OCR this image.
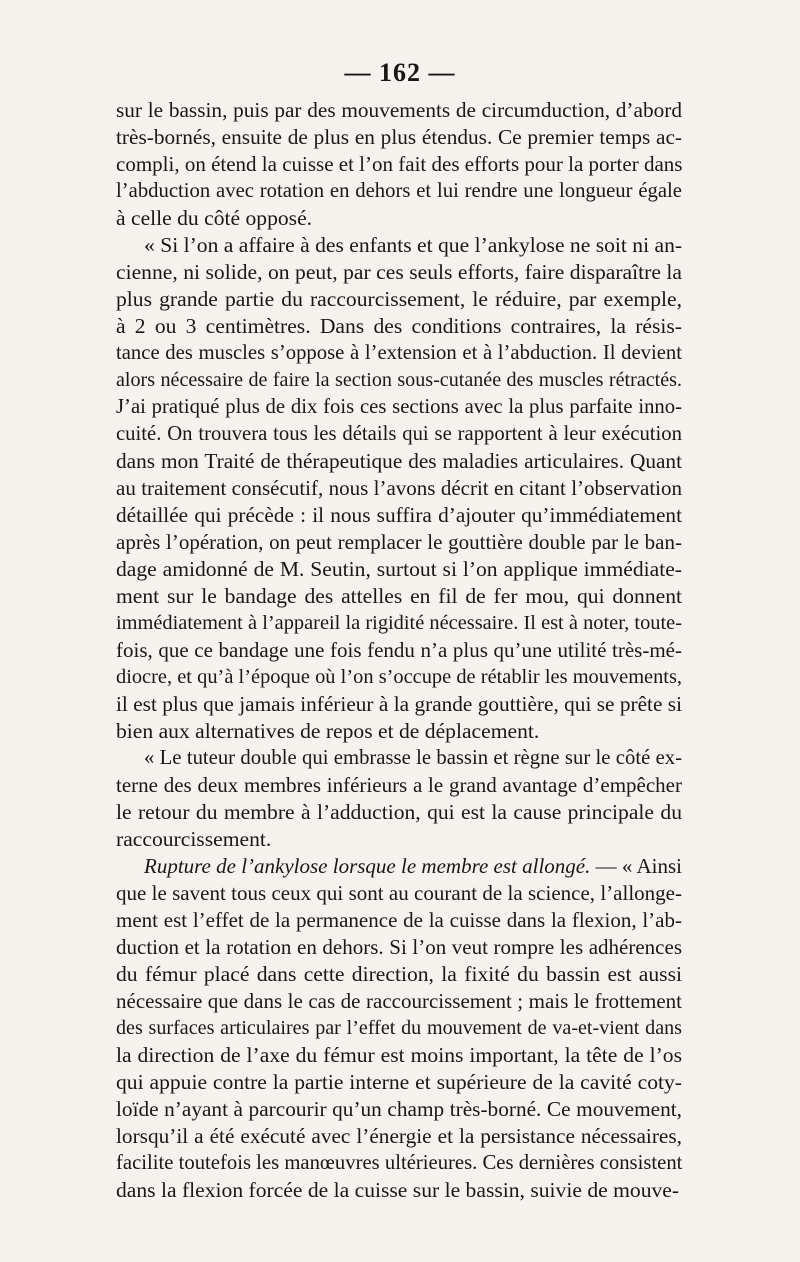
— 162 —
sur le bassin, puis par des mouvements de circumduction, d’abord
très-bornés, ensuite de plus en plus étendus. Ce premier temps ac-
compli, on étend la cuisse et l’on fait des efforts pour la porter dans
l’abduction avec rotation en dehors et lui rendre une longueur égale
à celle du côté opposé.
« Si l’on a affaire à des enfants et que l’ankylose ne soit ni an-
cienne, ni solide, on peut, par ces seuls efforts, faire disparaître la
plus grande partie du raccourcissement, le réduire, par exemple,
à 2 ou 3 centimètres. Dans des conditions contraires, la résis-
tance des muscles s’oppose à l’extension et à l’abduction. Il devient
alors nécessaire de faire la section sous-cutanée des muscles rétractés.
J’ai pratiqué plus de dix fois ces sections avec la plus parfaite inno-
cuité. On trouvera tous les détails qui se rapportent à leur exécution
dans mon Traité de thérapeutique des maladies articulaires. Quant
au traitement consécutif, nous l’avons décrit en citant l’observation
détaillée qui précède : il nous suffira d’ajouter qu’immédiatement
après l’opération, on peut remplacer le gouttière double par le ban-
dage amidonné de M. Seutin, surtout si l’on applique immédiate-
ment sur le bandage des attelles en fil de fer mou, qui donnent
immédiatement à l’appareil la rigidité nécessaire. Il est à noter, toute-
fois, que ce bandage une fois fendu n’a plus qu’une utilité très-mé-
diocre, et qu’à l’époque où l’on s’occupe de rétablir les mouvements,
il est plus que jamais inférieur à la grande gouttière, qui se prête si
bien aux alternatives de repos et de déplacement.
« Le tuteur double qui embrasse le bassin et règne sur le côté ex-
terne des deux membres inférieurs a le grand avantage d’empêcher
le retour du membre à l’adduction, qui est la cause principale du
raccourcissement.
Rupture de l’ankylose lorsque le membre est allongé. — « Ainsi
que le savent tous ceux qui sont au courant de la science, l’allonge-
ment est l’effet de la permanence de la cuisse dans la flexion, l’ab-
duction et la rotation en dehors. Si l’on veut rompre les adhérences
du fémur placé dans cette direction, la fixité du bassin est aussi
nécessaire que dans le cas de raccourcissement ; mais le frottement
des surfaces articulaires par l’effet du mouvement de va-et-vient dans
la direction de l’axe du fémur est moins important, la tête de l’os
qui appuie contre la partie interne et supérieure de la cavité coty-
loïde n’ayant à parcourir qu’un champ très-borné. Ce mouvement,
lorsqu’il a été exécuté avec l’énergie et la persistance nécessaires,
facilite toutefois les manœuvres ultérieures. Ces dernières consistent
dans la flexion forcée de la cuisse sur le bassin, suivie de mouve-
